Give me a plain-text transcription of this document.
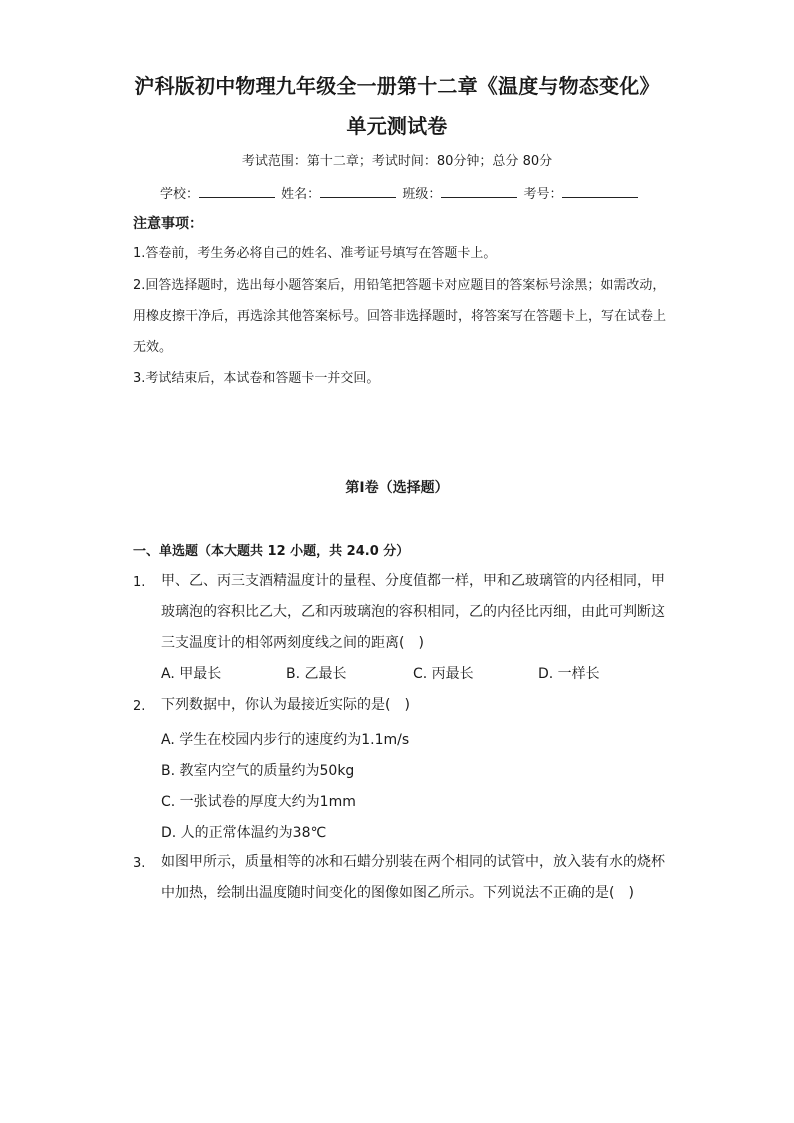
沪科版初中物理九年级全一册第十二章《温度与物态变化》
单元测试卷
考试范围：第十二章；考试时间：80分钟；总分 80分
学校：	姓名：	班级：	考号：
注意事项：
1.答卷前，考生务必将自己的姓名、准考证号填写在答题卡上。
2.回答选择题时，选出每小题答案后，用铅笔把答题卡对应题目的答案标号涂黑；如需改动，用橡皮擦干净后，再选涂其他答案标号。回答非选择题时，将答案写在答题卡上，写在试卷上无效。
3.考试结束后，本试卷和答题卡一并交回。
第Ⅰ卷（选择题）
一、单选题（本大题共 12 小题，共 24.0 分）
1. 甲、乙、丙三支酒精温度计的量程、分度值都一样，甲和乙玻璃管的内径相同，甲玻璃泡的容积比乙大，乙和丙玻璃泡的容积相同，乙的内径比丙细，由此可判断这三支温度计的相邻两刻度线之间的距离(　)
A. 甲最长	B. 乙最长	C. 丙最长	D. 一样长
2. 下列数据中，你认为最接近实际的是(　)
A. 学生在校园内步行的速度约为1.1m/s
B. 教室内空气的质量约为50kg
C. 一张试卷的厚度大约为1mm
D. 人的正常体温约为38℃
3. 如图甲所示，质量相等的冰和石蜡分别装在两个相同的试管中，放入装有水的烧杯中加热，绘制出温度随时间变化的图像如图乙所示。下列说法不正确的是(　)
